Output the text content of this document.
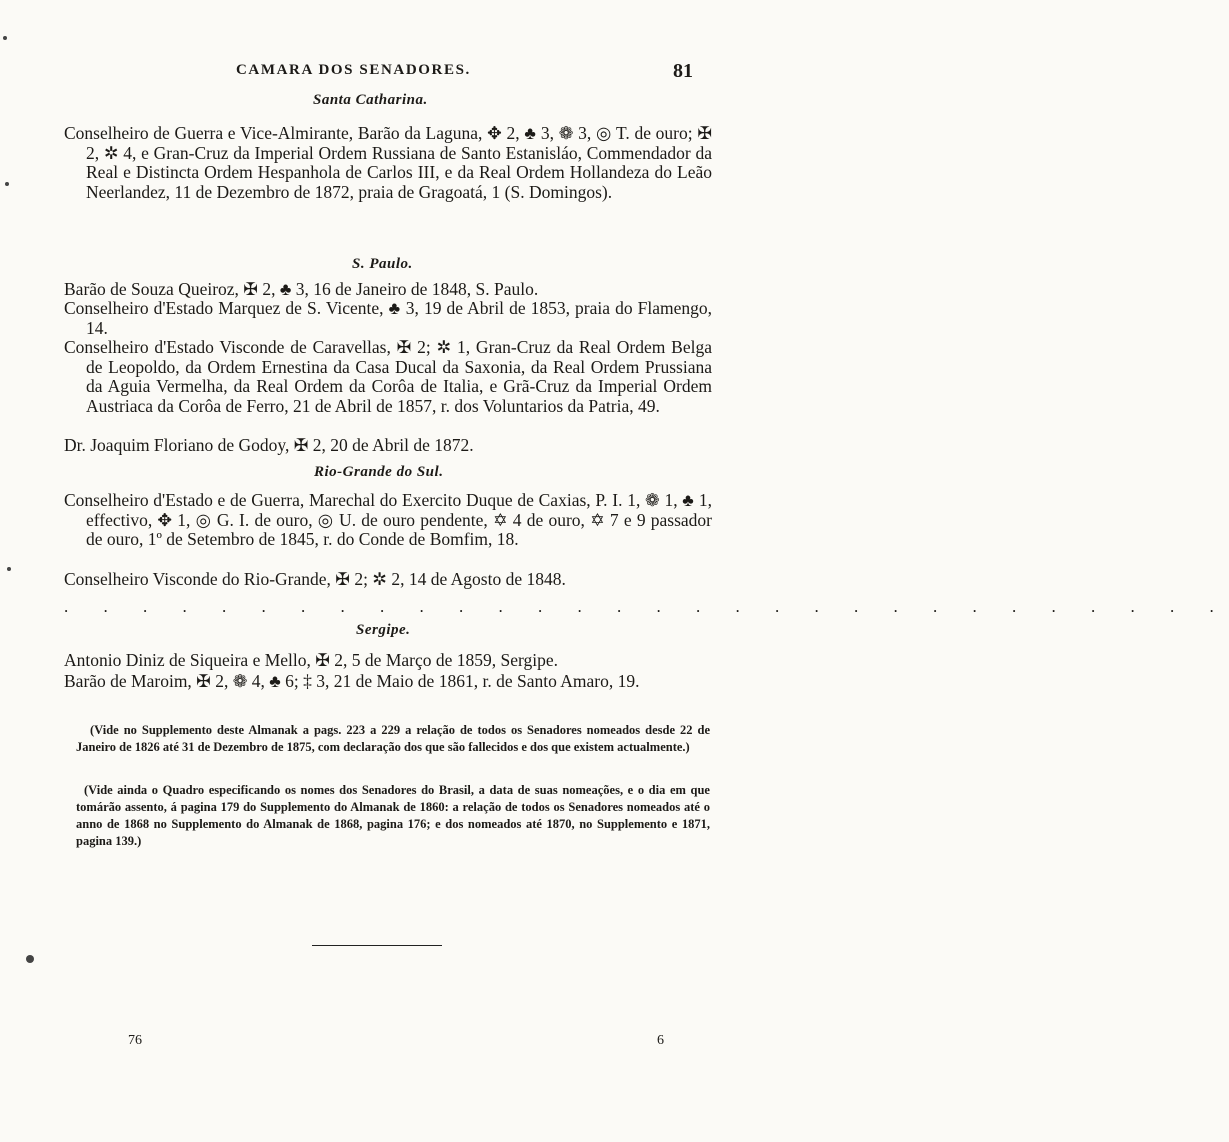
CAMARA DOS SENADORES.	81
Santa Catharina.
Conselheiro de Guerra e Vice-Almirante, Barão da Laguna, ✥ 2, ♣ 3, ❁ 3, ◎ T. de ouro; ✠ 2, ✲ 4, e Gran-Cruz da Imperial Ordem Russiana de Santo Estanisláo, Commendador da Real e Distincta Ordem Hespanhola de Carlos III, e da Real Ordem Hollandeza do Leão Neerlandez, 11 de Dezembro de 1872, praia de Gragoatá, 1 (S. Domingos).
S. Paulo.
Barão de Souza Queiroz, ✠ 2, ♣ 3, 16 de Janeiro de 1848, S. Paulo.
Conselheiro d'Estado Marquez de S. Vicente, ♣ 3, 19 de Abril de 1853, praia do Flamengo, 14.
Conselheiro d'Estado Visconde de Caravellas, ✠ 2; ✲ 1, Gran-Cruz da Real Ordem Belga de Leopoldo, da Ordem Ernestina da Casa Ducal da Saxonia, da Real Ordem Prussiana da Aguia Vermelha, da Real Ordem da Corôa de Italia, e Grã-Cruz da Imperial Ordem Austriaca da Corôa de Ferro, 21 de Abril de 1857, r. dos Voluntarios da Patria, 49.
Dr. Joaquim Floriano de Godoy, ✠ 2, 20 de Abril de 1872.
Rio-Grande do Sul.
Conselheiro d'Estado e de Guerra, Marechal do Exercito Duque de Caxias, P. I. 1, ❁ 1, ♣ 1, effectivo, ✥ 1, ◎ G. I. de ouro, ◎ U. de ouro pendente, ✡ 4 de ouro, ✡ 7 e 9 passador de ouro, 1º de Setembro de 1845, r. do Conde de Bomfim, 18.
Conselheiro Visconde do Rio-Grande, ✠ 2; ✲ 2, 14 de Agosto de 1848.
. . . . . . . . . . . . . . . . . . . . . . . . . . . . . .
Sergipe.
Antonio Diniz de Siqueira e Mello, ✠ 2, 5 de Março de 1859, Sergipe.
Barão de Maroim, ✠ 2, ❁ 4, ♣ 6; ‡ 3, 21 de Maio de 1861, r. de Santo Amaro, 19.
(Vide no Supplemento deste Almanak a pags. 223 a 229 a relação de todos os Senadores nomeados desde 22 de Janeiro de 1826 até 31 de Dezembro de 1875, com declaração dos que são fallecidos e dos que existem actualmente.)
(Vide ainda o Quadro especificando os nomes dos Senadores do Brasil, a data de suas nomeações, e o dia em que tomárão assento, á pagina 179 do Supplemento do Almanak de 1860: a relação de todos os Senadores nomeados até o anno de 1868 no Supplemento do Almanak de 1868, pagina 176; e dos nomeados até 1870, no Supplemento e 1871, pagina 139.)
76	6
